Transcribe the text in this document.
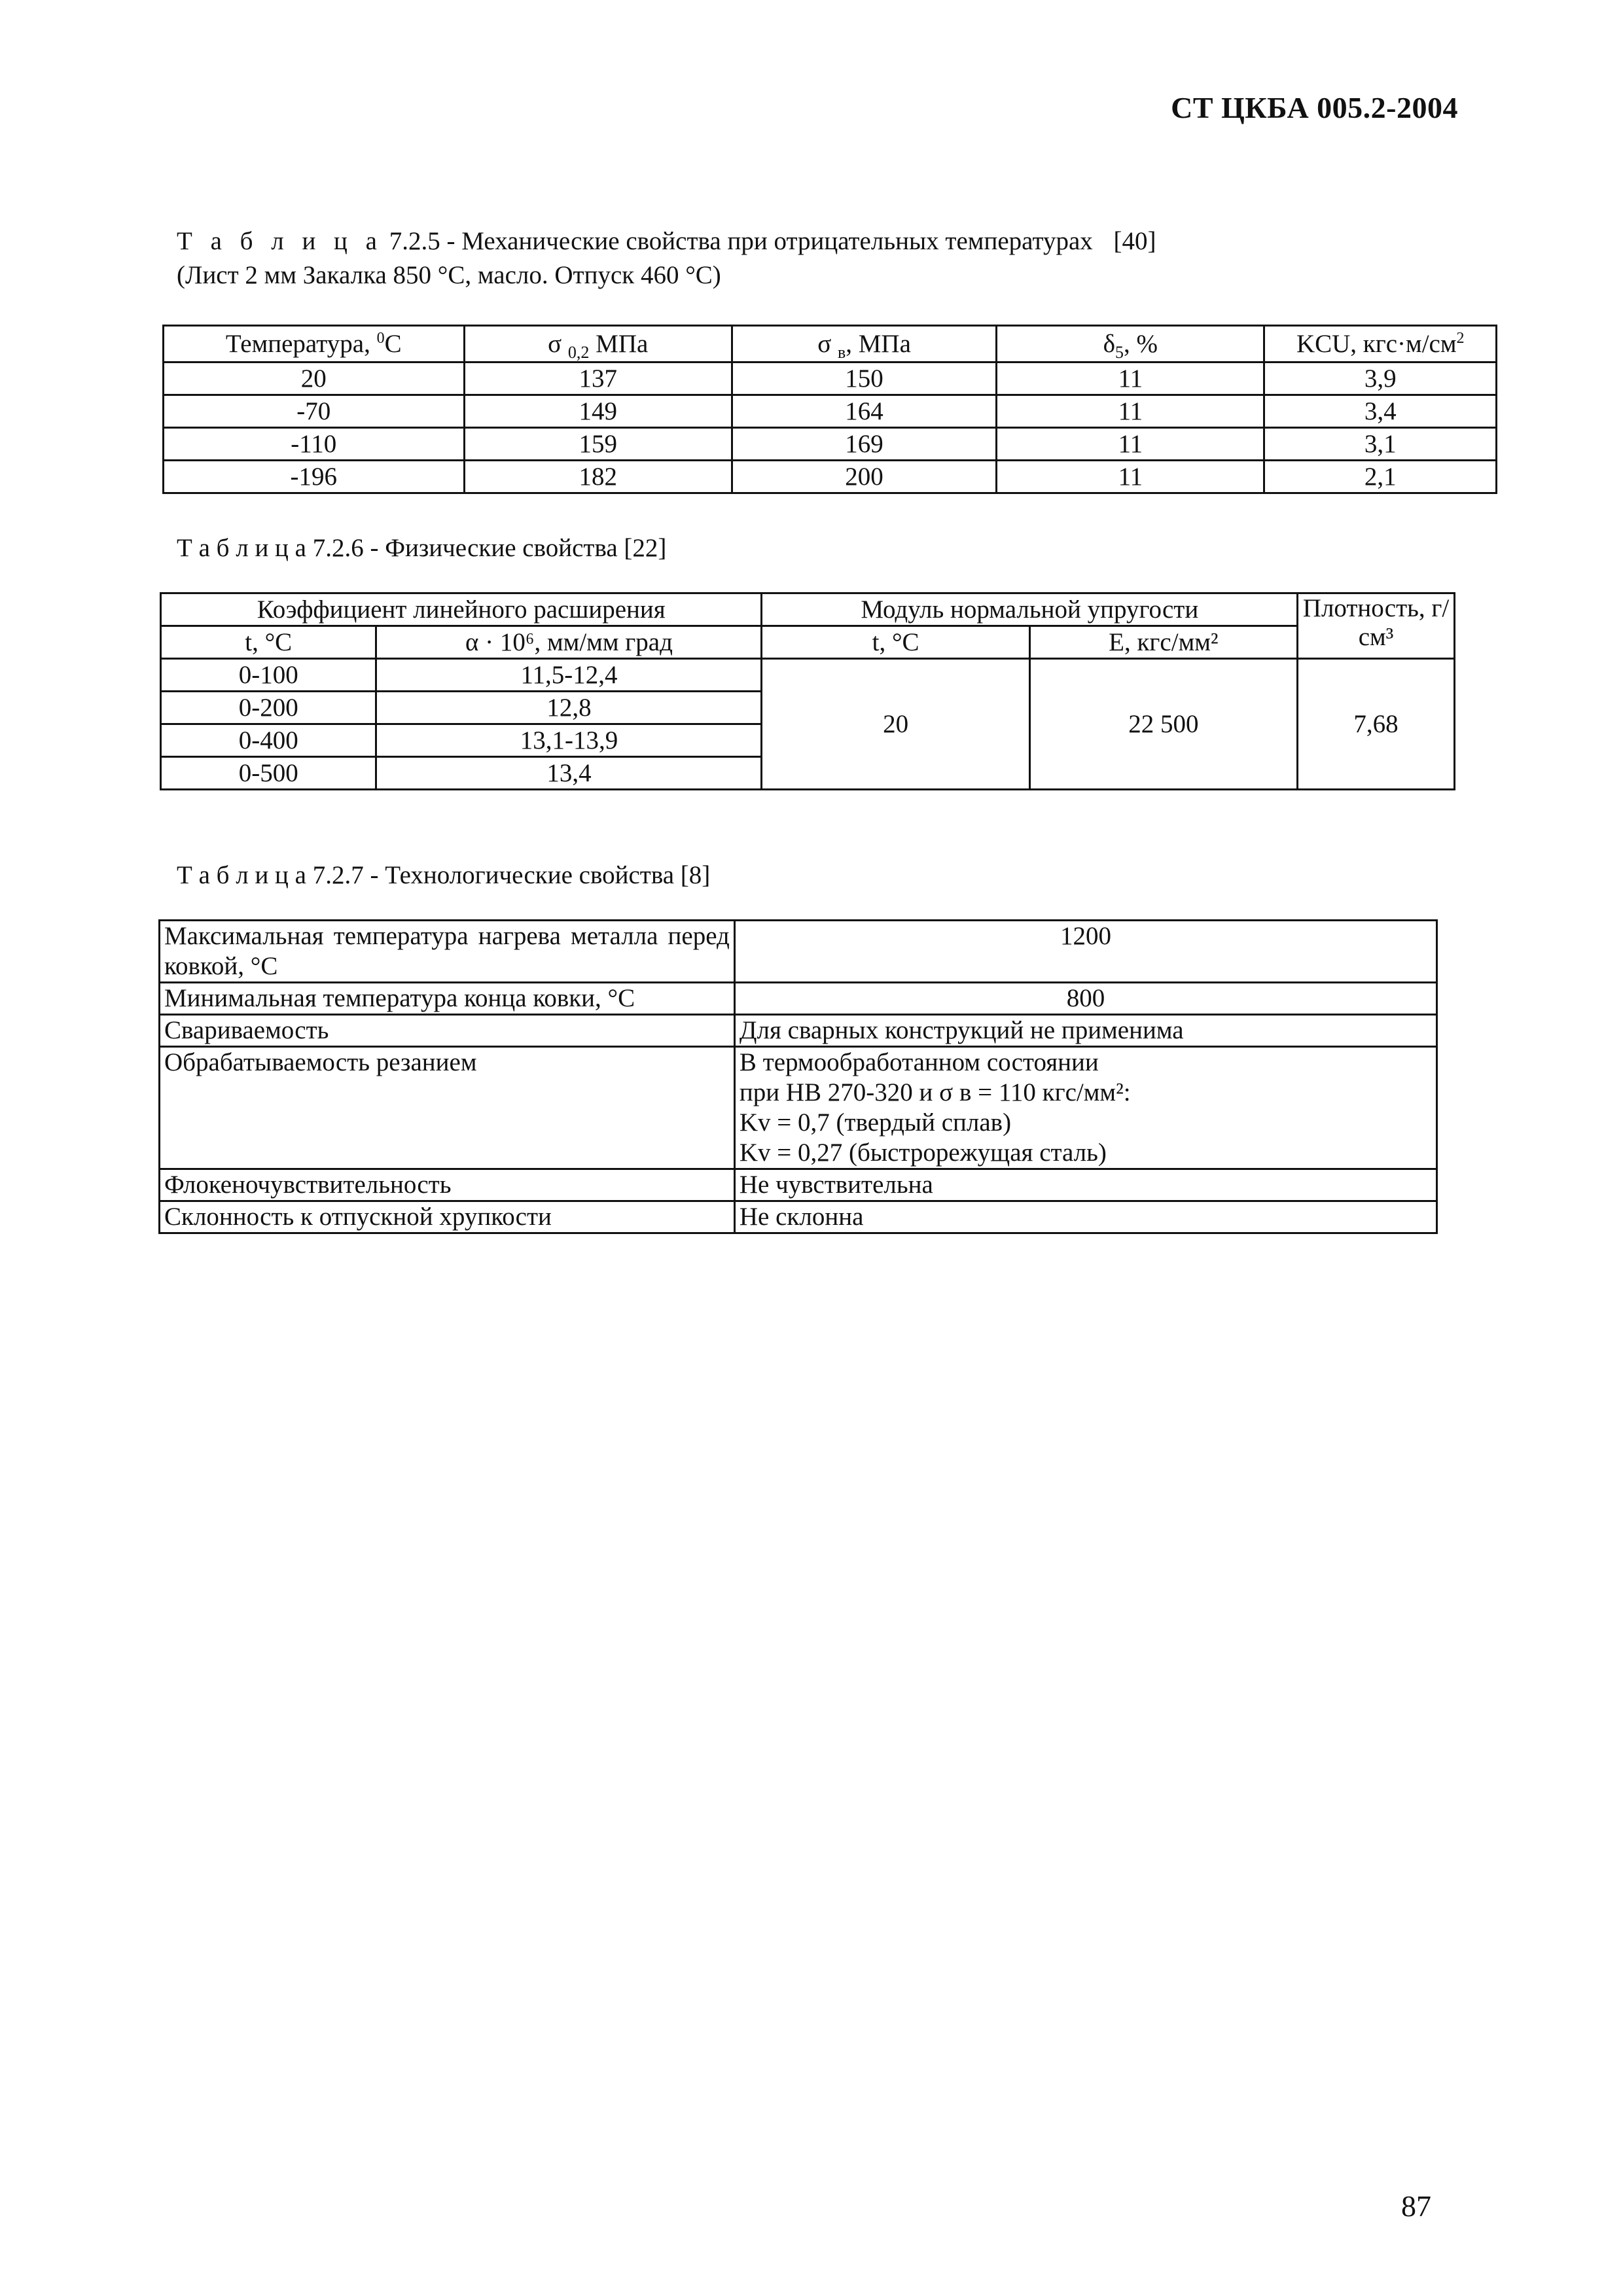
СТ ЦКБА 005.2-2004
Т а б л и ц а 7.2.5 - Механические свойства при отрицательных температурах [40]
(Лист 2 мм Закалка 850 °С, масло. Отпуск 460 °С)
Температура, $^0$С	σ $_{0,2}$ МПа	σ $_в$, МПа	$\delta_5$, %	KCU, $кгс\cdot м/см^2$
20	137	150	11	3,9
-70	149	164	11	3,4
-110	159	169	11	3,1
-196	182	200	11	2,1
Т а б л и ц а 7.2.6 - Физические свойства [22]
Коэффициент линейного расширения		Модуль нормальной упругости		Плотность, г/см³
t, °С	α · 10⁶, мм/мм град	t, °С	Е, кгс/мм²	
0-100	11,5-12,4	20	22 500	7,68
0-200	12,8			
0-400	13,1-13,9			
0-500	13,4			
Т а б л и ц а 7.2.7 - Технологические свойства [8]
Максимальная температура нагрева металла перед ковкой, °С	1200
Минимальная температура конца ковки, °С	800
Свариваемость	Для сварных конструкций не применима
Обрабатываемость резанием	В термообработанном состоянии
при НВ 270-320 и σ в = 110 кгс/мм²:
Kv = 0,7 (твердый сплав)
Kv = 0,27 (быстрорежущая сталь)

Флокеночувствительность	Не чувствительна
Склонность к отпускной хрупкости	Не склонна
87
